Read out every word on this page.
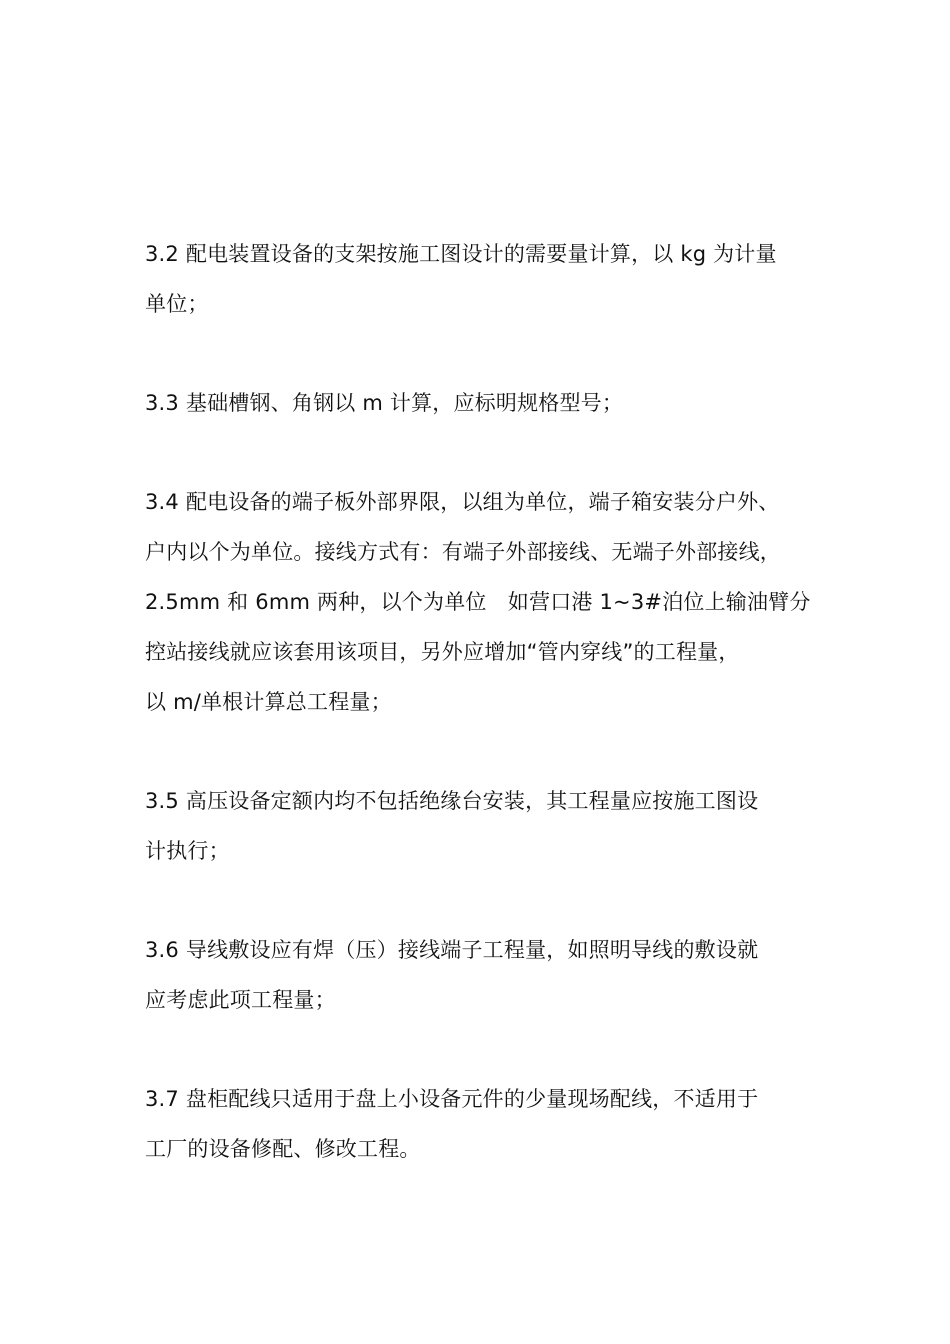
3.2 配电装置设备的支架按施工图设计的需要量计算，以 kg 为计量
单位；

3.3 基础槽钢、角钢以 m 计算，应标明规格型号；

3.4 配电设备的端子板外部界限，以组为单位，端子箱安装分户外、
户内以个为单位。接线方式有：有端子外部接线、无端子外部接线，
2.5mm 和 6mm 两种，以个为单位　如营口港 1~3#泊位上输油臂分
控站接线就应该套用该项目，另外应增加“管内穿线”的工程量，
以 m/单根计算总工程量；

3.5 高压设备定额内均不包括绝缘台安装，其工程量应按施工图设
计执行；

3.6 导线敷设应有焊（压）接线端子工程量，如照明导线的敷设就
应考虑此项工程量；

3.7 盘柜配线只适用于盘上小设备元件的少量现场配线，不适用于
工厂的设备修配、修改工程。
